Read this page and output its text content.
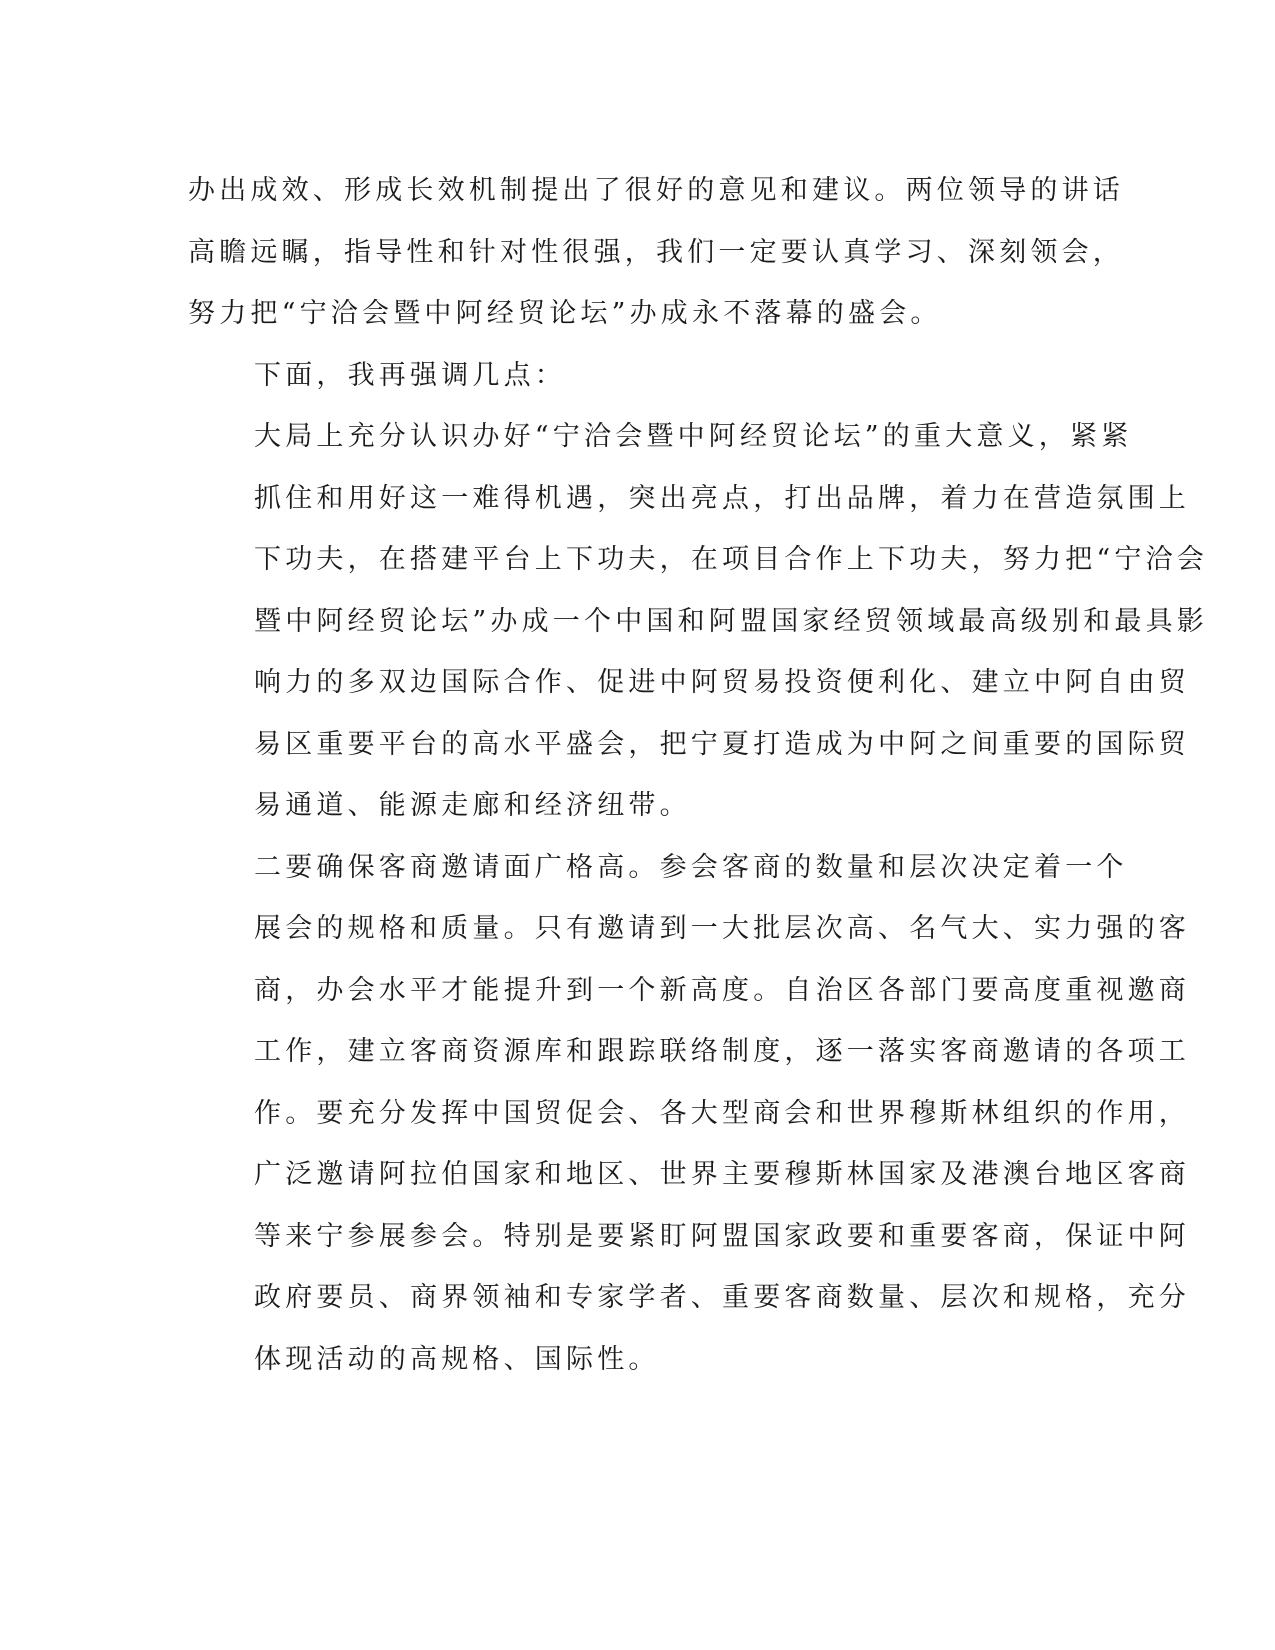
办出成效、形成长效机制提出了很好的意见和建议。两位领导的讲话
高瞻远瞩，指导性和针对性很强，我们一定要认真学习、深刻领会，
努力把“宁洽会暨中阿经贸论坛”办成永不落幕的盛会。

下面，我再强调几点：

大局上充分认识办好“宁洽会暨中阿经贸论坛”的重大意义，紧紧
抓住和用好这一难得机遇，突出亮点，打出品牌，着力在营造氛围上
下功夫，在搭建平台上下功夫，在项目合作上下功夫，努力把“宁洽会
暨中阿经贸论坛”办成一个中国和阿盟国家经贸领域最高级别和最具影
响力的多双边国际合作、促进中阿贸易投资便利化、建立中阿自由贸
易区重要平台的高水平盛会，把宁夏打造成为中阿之间重要的国际贸
易通道、能源走廊和经济纽带。

二要确保客商邀请面广格高。参会客商的数量和层次决定着一个
展会的规格和质量。只有邀请到一大批层次高、名气大、实力强的客
商，办会水平才能提升到一个新高度。自治区各部门要高度重视邀商
工作，建立客商资源库和跟踪联络制度，逐一落实客商邀请的各项工
作。要充分发挥中国贸促会、各大型商会和世界穆斯林组织的作用，
广泛邀请阿拉伯国家和地区、世界主要穆斯林国家及港澳台地区客商
等来宁参展参会。特别是要紧盯阿盟国家政要和重要客商，保证中阿
政府要员、商界领袖和专家学者、重要客商数量、层次和规格，充分
体现活动的高规格、国际性。
